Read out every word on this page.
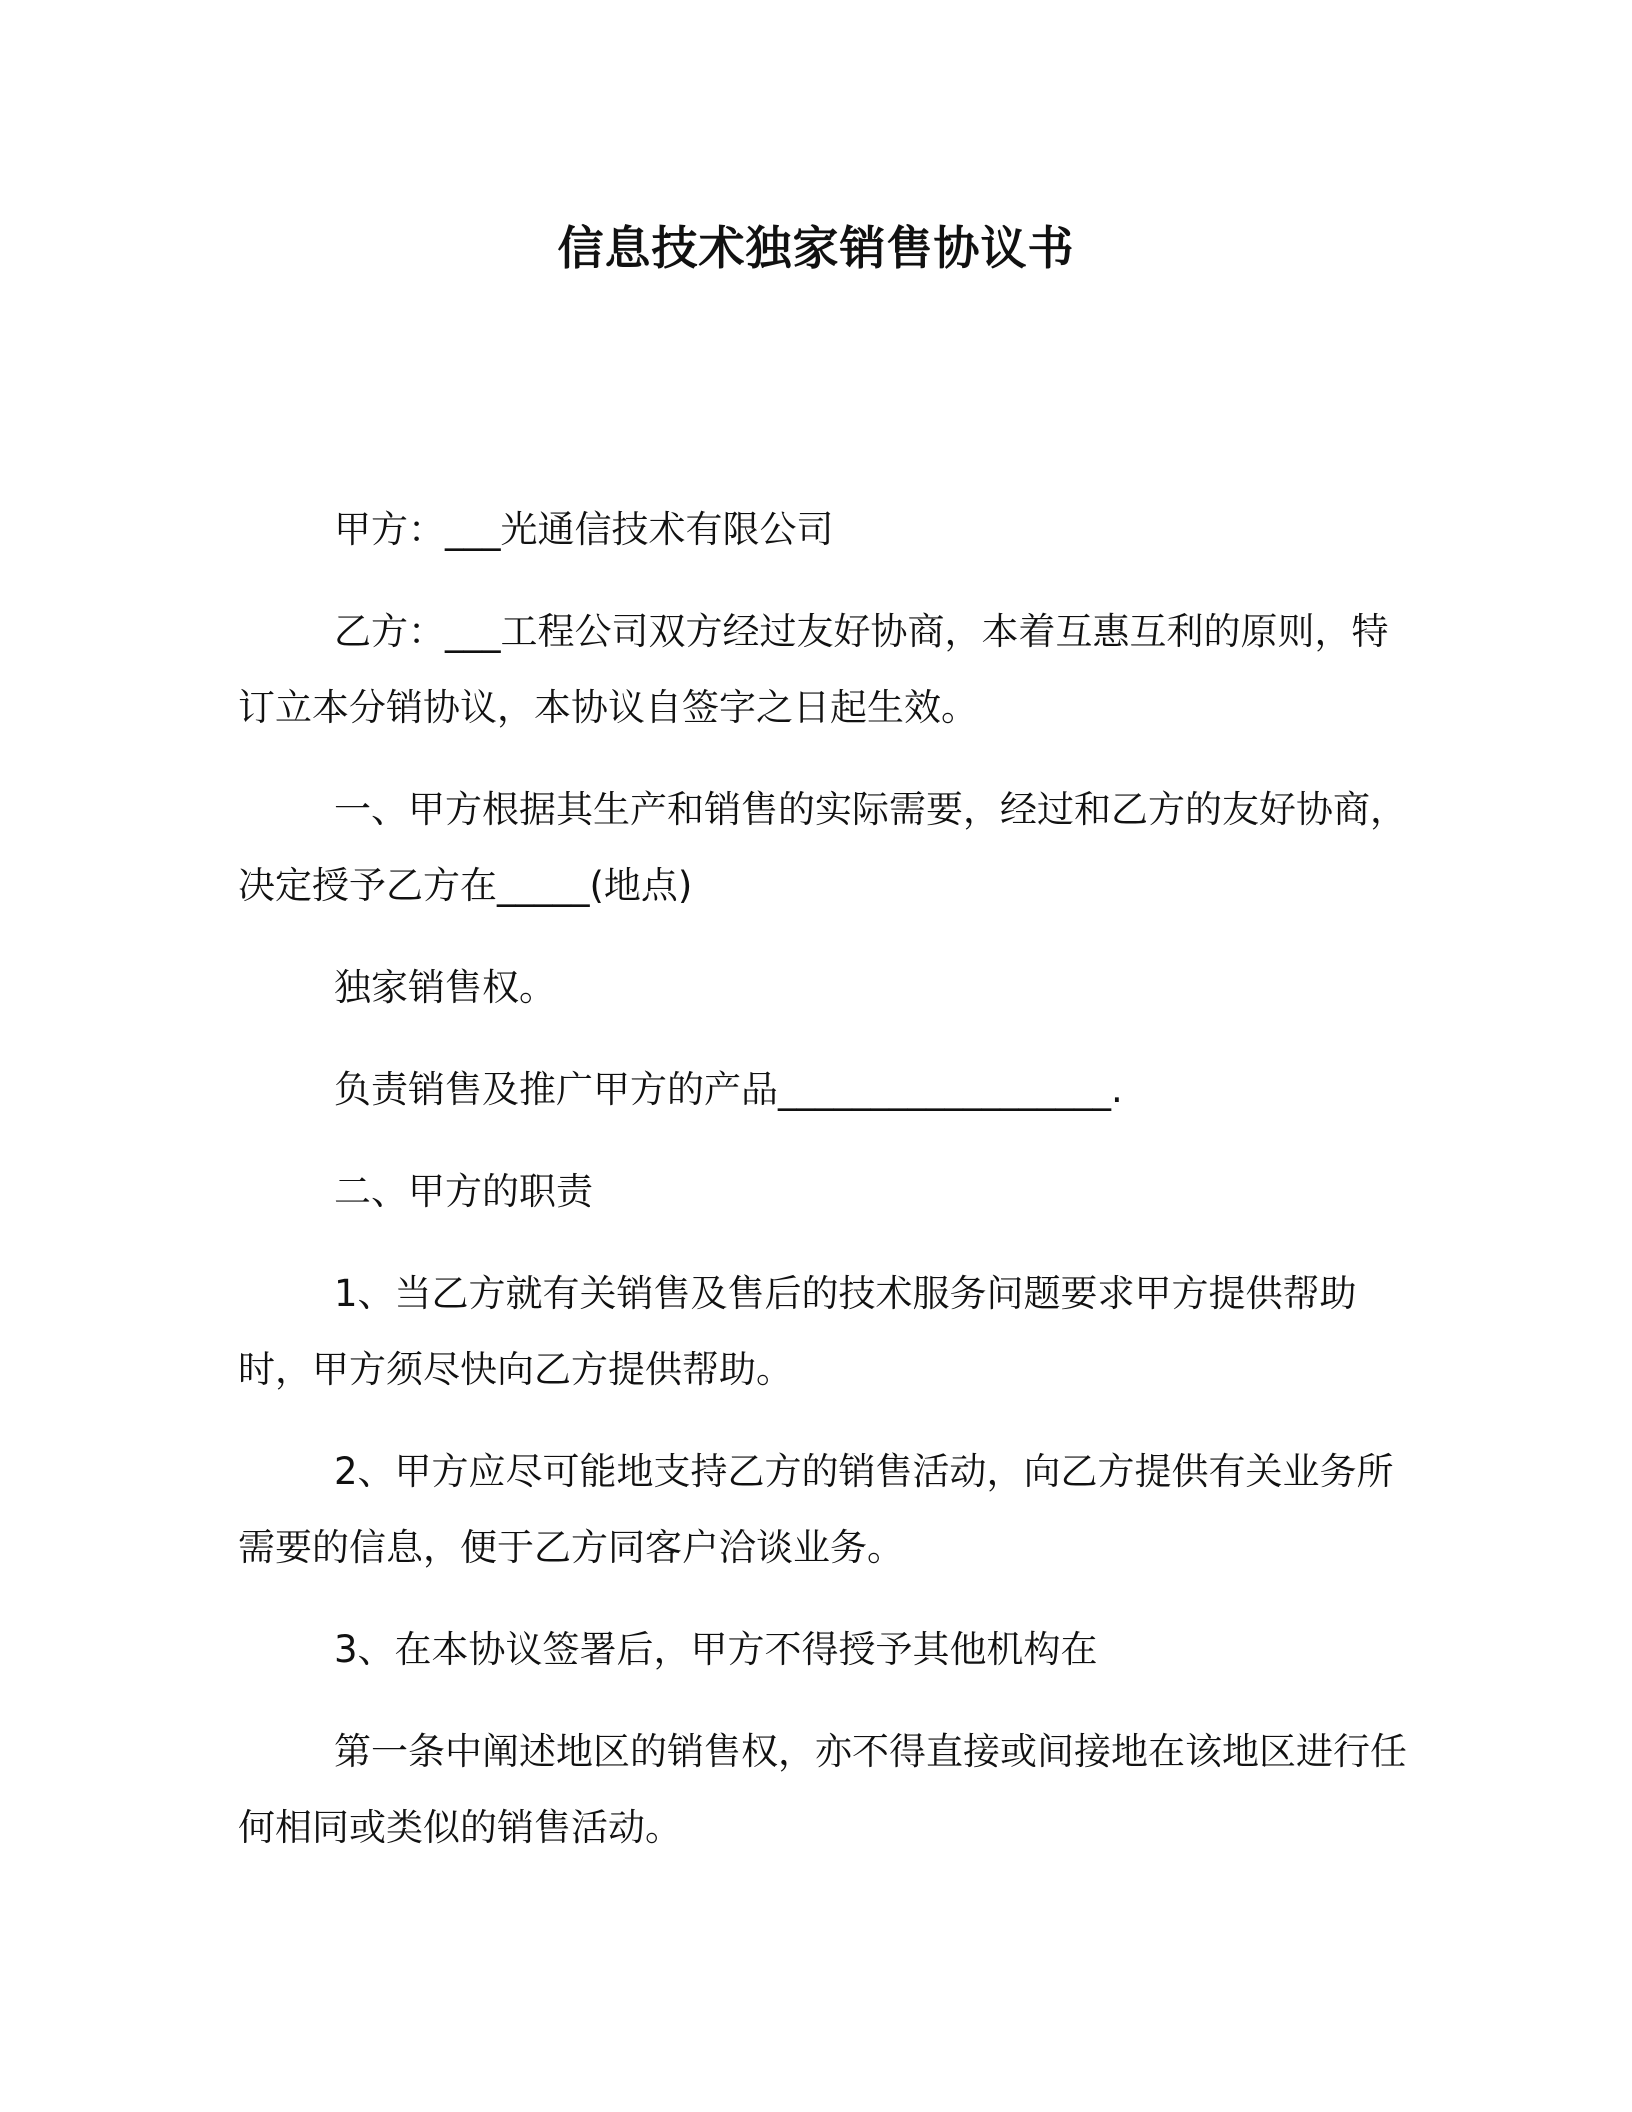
信息技术独家销售协议书

甲方：___光通信技术有限公司

乙方：___工程公司双方经过友好协商，本着互惠互利的原则，特订立本分销协议，本协议自签字之日起生效。

一、甲方根据其生产和销售的实际需要，经过和乙方的友好协商，决定授予乙方在_____(地点)

独家销售权。

负责销售及推广甲方的产品__________________.

二、甲方的职责

1、当乙方就有关销售及售后的技术服务问题要求甲方提供帮助时，甲方须尽快向乙方提供帮助。

2、甲方应尽可能地支持乙方的销售活动，向乙方提供有关业务所需要的信息，便于乙方同客户洽谈业务。

3、在本协议签署后，甲方不得授予其他机构在

第一条中阐述地区的销售权，亦不得直接或间接地在该地区进行任何相同或类似的销售活动。
